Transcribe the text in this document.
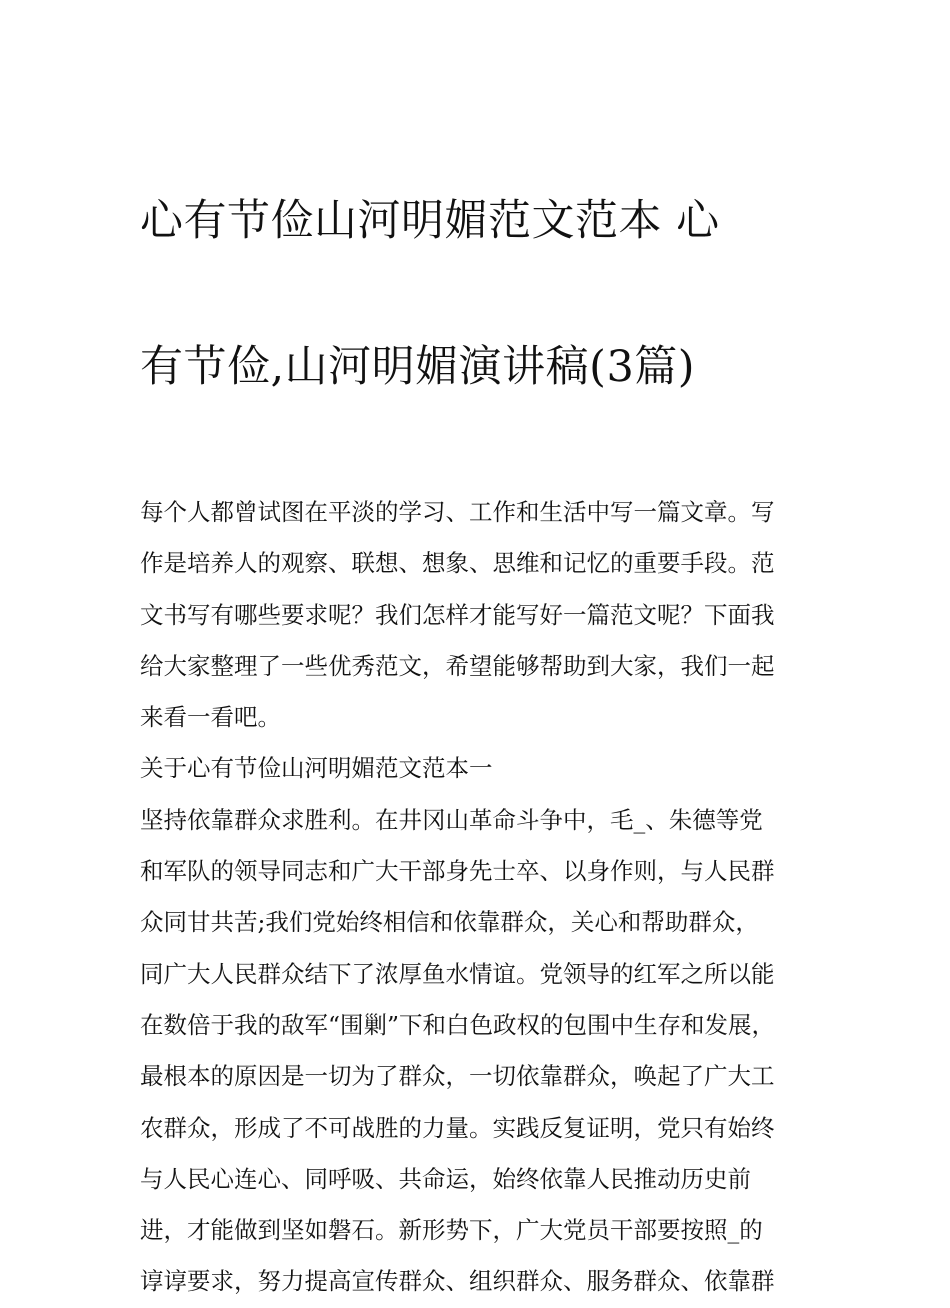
心有节俭山河明媚范文范本 心

有节俭,山河明媚演讲稿(3篇)

每个人都曾试图在平淡的学习、工作和生活中写一篇文章。写
作是培养人的观察、联想、想象、思维和记忆的重要手段。范
文书写有哪些要求呢？我们怎样才能写好一篇范文呢？下面我
给大家整理了一些优秀范文，希望能够帮助到大家，我们一起
来看一看吧。
关于心有节俭山河明媚范文范本一
坚持依靠群众求胜利。在井冈山革命斗争中，毛_、朱德等党
和军队的领导同志和广大干部身先士卒、以身作则，与人民群
众同甘共苦;我们党始终相信和依靠群众，关心和帮助群众，
同广大人民群众结下了浓厚鱼水情谊。党领导的红军之所以能
在数倍于我的敌军“围剿”下和白色政权的包围中生存和发展，
最根本的原因是一切为了群众，一切依靠群众，唤起了广大工
农群众，形成了不可战胜的力量。实践反复证明，党只有始终
与人民心连心、同呼吸、共命运，始终依靠人民推动历史前
进，才能做到坚如磐石。新形势下，广大党员干部要按照_的
谆谆要求，努力提高宣传群众、组织群众、服务群众、依靠群
